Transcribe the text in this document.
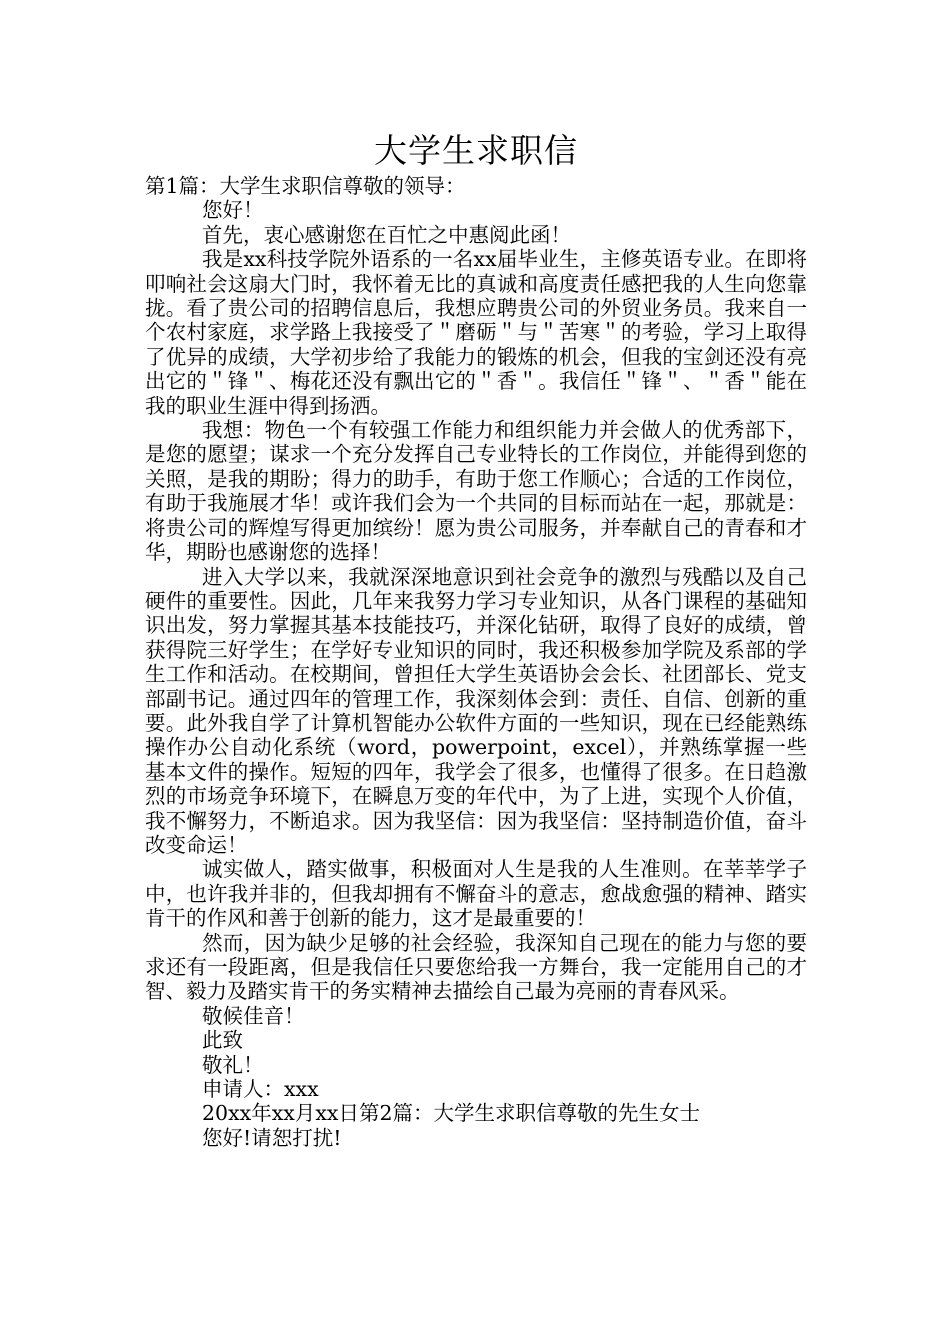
大学生求职信

第1篇：大学生求职信尊敬的领导：

您好！

首先，衷心感谢您在百忙之中惠阅此函！

我是xx科技学院外语系的一名xx届毕业生，主修英语专业。在即将叩响社会这扇大门时，我怀着无比的真诚和高度责任感把我的人生向您靠拢。看了贵公司的招聘信息后，我想应聘贵公司的外贸业务员。我来自一个农村家庭，求学路上我接受了＂磨砺＂与＂苦寒＂的考验，学习上取得了优异的成绩，大学初步给了我能力的锻炼的机会，但我的宝剑还没有亮出它的＂锋＂、梅花还没有飘出它的＂香＂。我信任＂锋＂、＂香＂能在我的职业生涯中得到扬洒。

我想：物色一个有较强工作能力和组织能力并会做人的优秀部下，是您的愿望；谋求一个充分发挥自己专业特长的工作岗位，并能得到您的关照，是我的期盼；得力的助手，有助于您工作顺心；合适的工作岗位，有助于我施展才华！或许我们会为一个共同的目标而站在一起，那就是：将贵公司的辉煌写得更加缤纷！愿为贵公司服务，并奉献自己的青春和才华，期盼也感谢您的选择！

进入大学以来，我就深深地意识到社会竞争的激烈与残酷以及自己硬件的重要性。因此，几年来我努力学习专业知识，从各门课程的基础知识出发，努力掌握其基本技能技巧，并深化钻研，取得了良好的成绩，曾获得院三好学生；在学好专业知识的同时，我还积极参加学院及系部的学生工作和活动。在校期间，曾担任大学生英语协会会长、社团部长、党支部副书记。通过四年的管理工作，我深刻体会到：责任、自信、创新的重要。此外我自学了计算机智能办公软件方面的一些知识，现在已经能熟练操作办公自动化系统（word，powerpoint，excel），并熟练掌握一些基本文件的操作。短短的四年，我学会了很多，也懂得了很多。在日趋激烈的市场竞争环境下，在瞬息万变的年代中，为了上进，实现个人价值，我不懈努力，不断追求。因为我坚信：因为我坚信：坚持制造价值，奋斗改变命运！

诚实做人，踏实做事，积极面对人生是我的人生准则。在莘莘学子中，也许我并非的，但我却拥有不懈奋斗的意志，愈战愈强的精神、踏实肯干的作风和善于创新的能力，这才是最重要的！

然而，因为缺少足够的社会经验，我深知自己现在的能力与您的要求还有一段距离，但是我信任只要您给我一方舞台，我一定能用自己的才智、毅力及踏实肯干的务实精神去描绘自己最为亮丽的青春风采。

敬候佳音！

此致

敬礼！

申请人：xxx

20xx年xx月xx日第2篇：大学生求职信尊敬的先生女士

您好!请恕打扰!
